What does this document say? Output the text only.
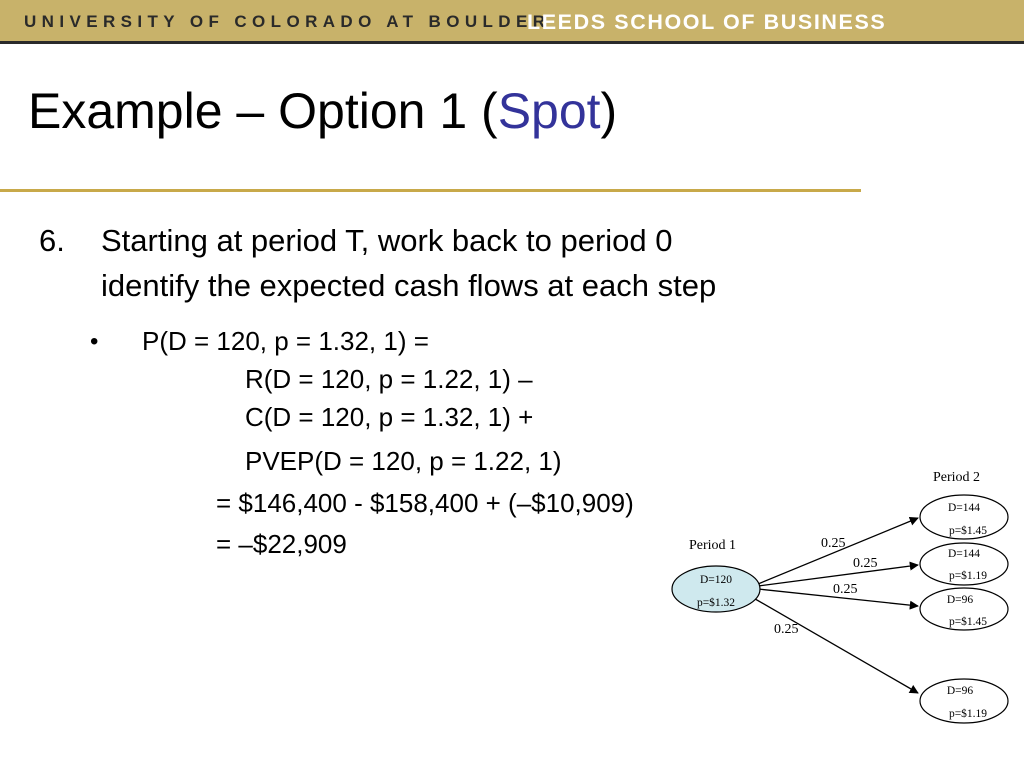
UNIVERSITY OF COLORADO AT BOULDER
LEEDS SCHOOL OF BUSINESS
Example – Option 1 (Spot)
6. Starting at period T, work back to period 0
identify the expected cash flows at each step
• P(D = 120, p = 1.32, 1) =
R(D = 120, p = 1.22, 1) –
C(D = 120, p = 1.32, 1) +
PVEP(D = 120, p = 1.22, 1)
= $146,400 - $158,400 + (–$10,909)
= –$22,909	Period 1
Period 2
0.25
0.25
0.25
0.25
D=120
p=$1.32
D=144
p=$1.45
D=144
p=$1.19
D=96
p=$1.45
D=96
p=$1.19
